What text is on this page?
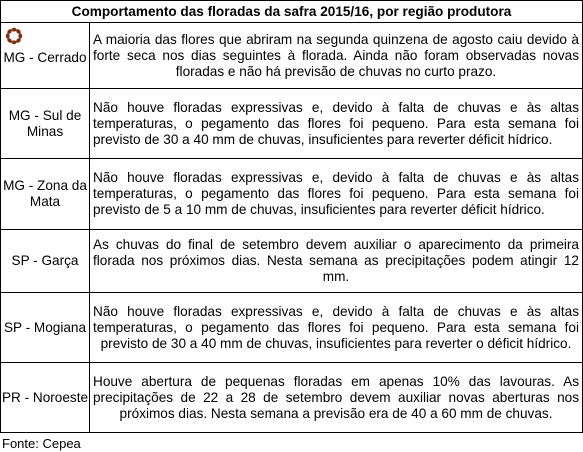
Comportamento das floradas da safra 2015/16, por região produtora	

MG - Cerrado	A maioria das flores que abriram na segunda quinzena de agosto caiu devido à forte seca nos dias seguintes à florada. Ainda não foram observadas novas floradas e não há previsão de chuvas no curto prazo.

MG - Sul de Minas	Não houve floradas expressivas e, devido à falta de chuvas e às altas temperaturas, o pegamento das flores foi pequeno. Para esta semana foi previsto de 30 a 40 mm de chuvas, insuficientes para reverter déficit hídrico.

MG - Zona da Mata	Não houve floradas expressivas e, devido à falta de chuvas e às altas temperaturas, o pegamento das flores foi pequeno. Para esta semana foi previsto de 5 a 10 mm de chuvas, insuficientes para reverter déficit hídrico.

SP - Garça	As chuvas do final de setembro devem auxiliar o aparecimento da primeira florada nos próximos dias. Nesta semana as precipitações podem atingir 12 mm.

SP - Mogiana	Não houve floradas expressivas e, devido à falta de chuvas e às altas temperaturas, o pegamento das flores foi pequeno. Para esta semana foi previsto de 30 a 40 mm de chuvas, insuficientes para reverter o déficit hídrico.

PR - Noroeste	Houve abertura de pequenas floradas em apenas 10% das lavouras. As precipitações de 22 a 28 de setembro devem auxiliar novas aberturas nos próximos dias. Nesta semana a previsão era de 40 a 60 mm de chuvas.
Fonte: Cepea
